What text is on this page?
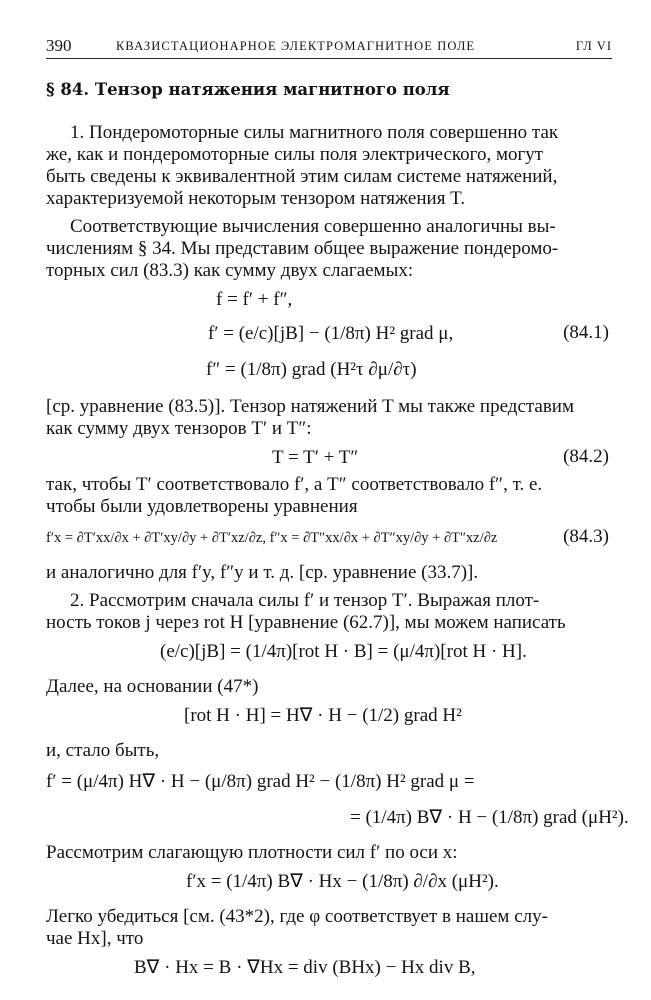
390	КВАЗИСТАЦИОНАРНОЕ ЭЛЕКТРОМАГНИТНОЕ ПОЛЕ	ГЛ VI
§ 84. Тензор натяжения магнитного поля
1. Пондеромоторные силы магнитного поля совершенно так
же, как и пондеромоторные силы поля электрического, могут
быть сведены к эквивалентной этим силам системе натяжений,
характеризуемой некоторым тензором натяжения T.
Соответствующие вычисления совершенно аналогичны вы-
числениям § 34. Мы представим общее выражение пондеромо-
торных сил (83.3) как сумму двух слагаемых:
f = f′ + f″,
f′ = (e/c)[jB] − (1/8π) H² grad μ,	(84.1)
f″ = (1/8π) grad (H²τ ∂μ/∂τ)
[ср. уравнение (83.5)]. Тензор натяжений T мы также представим
как сумму двух тензоров T′ и T″:
T = T′ + T″	(84.2)
так, чтобы T′ соответствовало f′, а T″ соответствовало f″, т. е.
чтобы были удовлетворены уравнения
f′x = ∂T′xx/∂x + ∂T′xy/∂y + ∂T′xz/∂z, f″x = ∂T″xx/∂x + ∂T″xy/∂y + ∂T″xz/∂z	(84.3)
и аналогично для f′y, f″y и т. д. [ср. уравнение (33.7)].
2. Рассмотрим сначала силы f′ и тензор T′. Выражая плот-
ность токов j через rot H [уравнение (62.7)], мы можем написать
(e/c)[jB] = (1/4π)[rot H · B] = (μ/4π)[rot H · H].
Далее, на основании (47*)
[rot H · H] = H∇ · H − (1/2) grad H²
и, стало быть,
f′ = (μ/4π) H∇ · H − (μ/8π) grad H² − (1/8π) H² grad μ =
= (1/4π) B∇ · H − (1/8π) grad (μH²).
Рассмотрим слагающую плотности сил f′ по оси x:
f′x = (1/4π) B∇ · Hx − (1/8π) ∂/∂x (μH²).
Легко убедиться [см. (43*2), где φ соответствует в нашем слу-
чае Hx], что
B∇ · Hx = B · ∇Hx = div (BHx) − Hx div B,
